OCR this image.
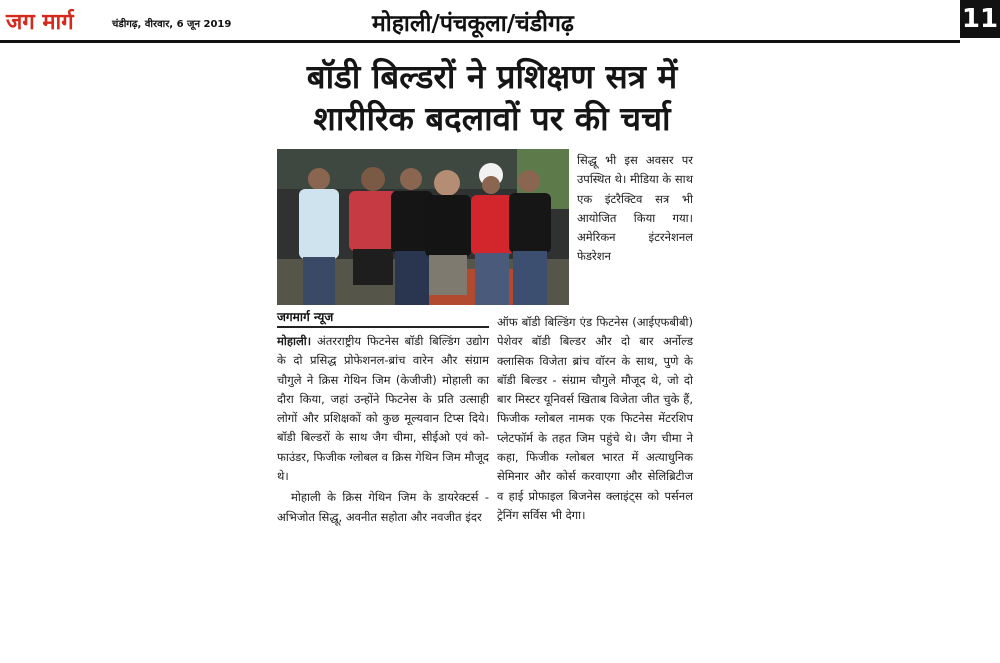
जग मार्ग	चंडीगढ़, वीरवार, 6 जून 2019	मोहाली/पंचकूला/चंडीगढ़	11
बॉडी बिल्डरों ने प्रशिक्षण सत्र में
शारीरिक बदलावों पर की चर्चा
सिद्धू भी इस अवसर पर उपस्थित थे। मीडिया के साथ एक इंटरैक्टिव सत्र भी आयोजित किया गया। अमेरिकन इंटरनेशनल फेडरेशन
जगमार्ग न्यूज

मोहाली। अंतरराष्ट्रीय फिटनेस बॉडी बिल्डिंग उद्योग के दो प्रसिद्ध प्रोफेशनल-ब्रांच वारेन और संग्राम चौगुले ने क्रिस गेथिन जिम (केजीजी) मोहाली का दौरा किया, जहां उन्होंने फिटनेस के प्रति उत्साही लोगों और प्रशिक्षकों को कुछ मूल्यवान टिप्स दिये। बॉडी बिल्डरों के साथ जैग चीमा, सीईओ एवं को-फाउंडर, फिजीक ग्लोबल व क्रिस गेथिन जिम मौजूद थे।

मोहाली के क्रिस गेथिन जिम के डायरेक्टर्स - अभिजोत सिद्धू, अवनीत सहोता और नवजीत इंदर

ऑफ बॉडी बिल्डिंग एंड फिटनेस (आईएफबीबी) पेशेवर बॉडी बिल्डर और दो बार अर्नोल्ड क्लासिक विजेता ब्रांच वॉरन के साथ, पुणे के बॉडी बिल्डर - संग्राम चौगुले मौजूद थे, जो दो बार मिस्टर यूनिवर्स खिताब विजेता जीत चुके हैं, फिजीक ग्लोबल नामक एक फिटनेस मेंटरशिप प्लेटफॉर्म के तहत जिम पहुंचे थे। जैग चीमा ने कहा, फिजीक ग्लोबल भारत में अत्याधुनिक सेमिनार और कोर्स करवाएगा और सेलिब्रिटीज व हाई प्रोफाइल बिजनेस क्लाइंट्स को पर्सनल ट्रेनिंग सर्विस भी देगा।
